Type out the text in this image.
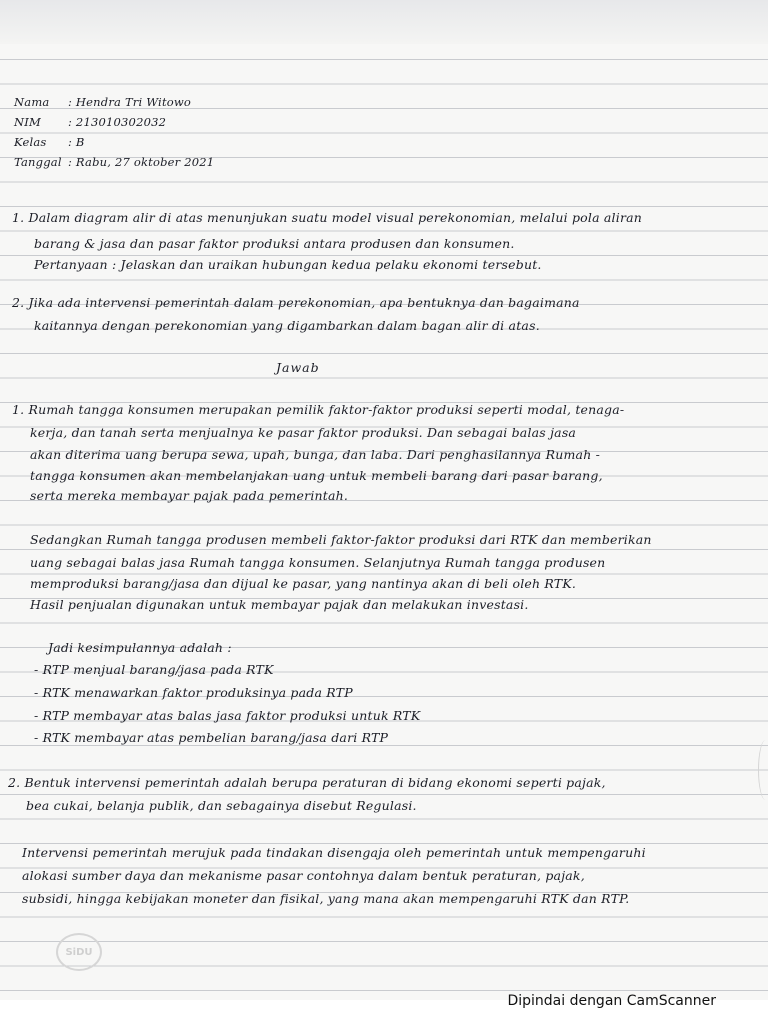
Nama : Hendra Tri Witowo
NIM : 213010302032
Kelas : B
Tanggal : Rabu, 27 oktober 2021
1. Dalam diagram alir di atas menunjukan suatu model visual perekonomian, melalui pola aliran
barang & jasa dan pasar faktor produksi antara produsen dan konsumen.
Pertanyaan : Jelaskan dan uraikan hubungan kedua pelaku ekonomi tersebut.
2. Jika ada intervensi pemerintah dalam perekonomian, apa bentuknya dan bagaimana
kaitannya dengan perekonomian yang digambarkan dalam bagan alir di atas.
Jawab
1. Rumah tangga konsumen merupakan pemilik faktor-faktor produksi seperti modal, tenaga-
kerja, dan tanah serta menjualnya ke pasar faktor produksi. Dan sebagai balas jasa
akan diterima uang berupa sewa, upah, bunga, dan laba. Dari penghasilannya Rumah -
tangga konsumen akan membelanjakan uang untuk membeli barang dari pasar barang,
serta mereka membayar pajak pada pemerintah.
Sedangkan Rumah tangga produsen membeli faktor-faktor produksi dari RTK dan memberikan
uang sebagai balas jasa Rumah tangga konsumen. Selanjutnya Rumah tangga produsen
memproduksi barang/jasa dan dijual ke pasar, yang nantinya akan di beli oleh RTK.
Hasil penjualan digunakan untuk membayar pajak dan melakukan investasi.
Jadi kesimpulannya adalah :
- RTP menjual barang/jasa pada RTK
- RTK menawarkan faktor produksinya pada RTP
- RTP membayar atas balas jasa faktor produksi untuk RTK
- RTK membayar atas pembelian barang/jasa dari RTP
2. Bentuk intervensi pemerintah adalah berupa peraturan di bidang ekonomi seperti pajak,
bea cukai, belanja publik, dan sebagainya disebut Regulasi.
Intervensi pemerintah merujuk pada tindakan disengaja oleh pemerintah untuk mempengaruhi
alokasi sumber daya dan mekanisme pasar contohnya dalam bentuk peraturan, pajak,
subsidi, hingga kebijakan moneter dan fisikal, yang mana akan mempengaruhi RTK dan RTP.
SiDU
Dipindai dengan CamScanner
